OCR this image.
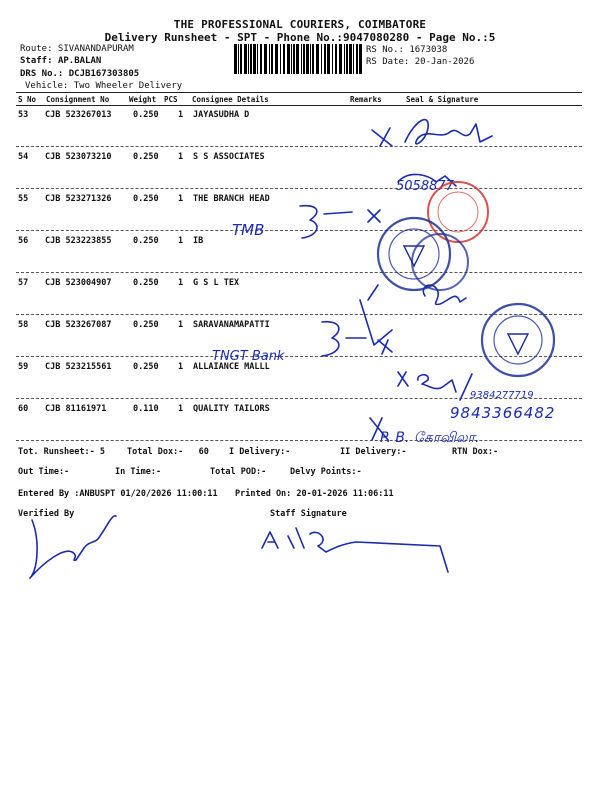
THE PROFESSIONAL COURIERS, COIMBATORE
Delivery Runsheet - SPT - Phone No.:9047080280 - Page No.:5
Route: SIVANANDAPURAM
Staff: AP.BALAN
DRS No.: DCJB167303805
Vehicle: Two Wheeler Delivery
RS No.: 1673038
RS Date: 20-Jan-2026
S No Consignment No	Weight PCS Consignee Details	Remarks	Seal & Signature
53 CJB 523267013	0.250 1 JAYASUDHA D
54 CJB 523073210	0.250 1 S S ASSOCIATES
55 CJB 523271326	0.250 1 THE BRANCH HEAD
56 CJB 523223855	0.250 1 IB
57 CJB 523004907	0.250 1 G S L TEX
58 CJB 523267087	0.250 1 SARAVANAMAPATTI
59 CJB 523215561	0.250 1 ALLAIANCE MALLL
60 CJB 81161971	0.110 1 QUALITY TAILORS
Tot. Runsheet:- 5	Total Dox:-   60 I Delivery:-	II Delivery:-	RTN Dox:-
Out Time:-	In Time:-	Total POD:-	Delvy Points:-
Entered By :ANBUSPT 01/20/2026 11:00:11 Printed On: 20-01-2026 11:06:11
Verified By	Staff Signature
5058877
TMB
TNGT Bank
9384277719
9843366482
P. B. கோவிலா.
